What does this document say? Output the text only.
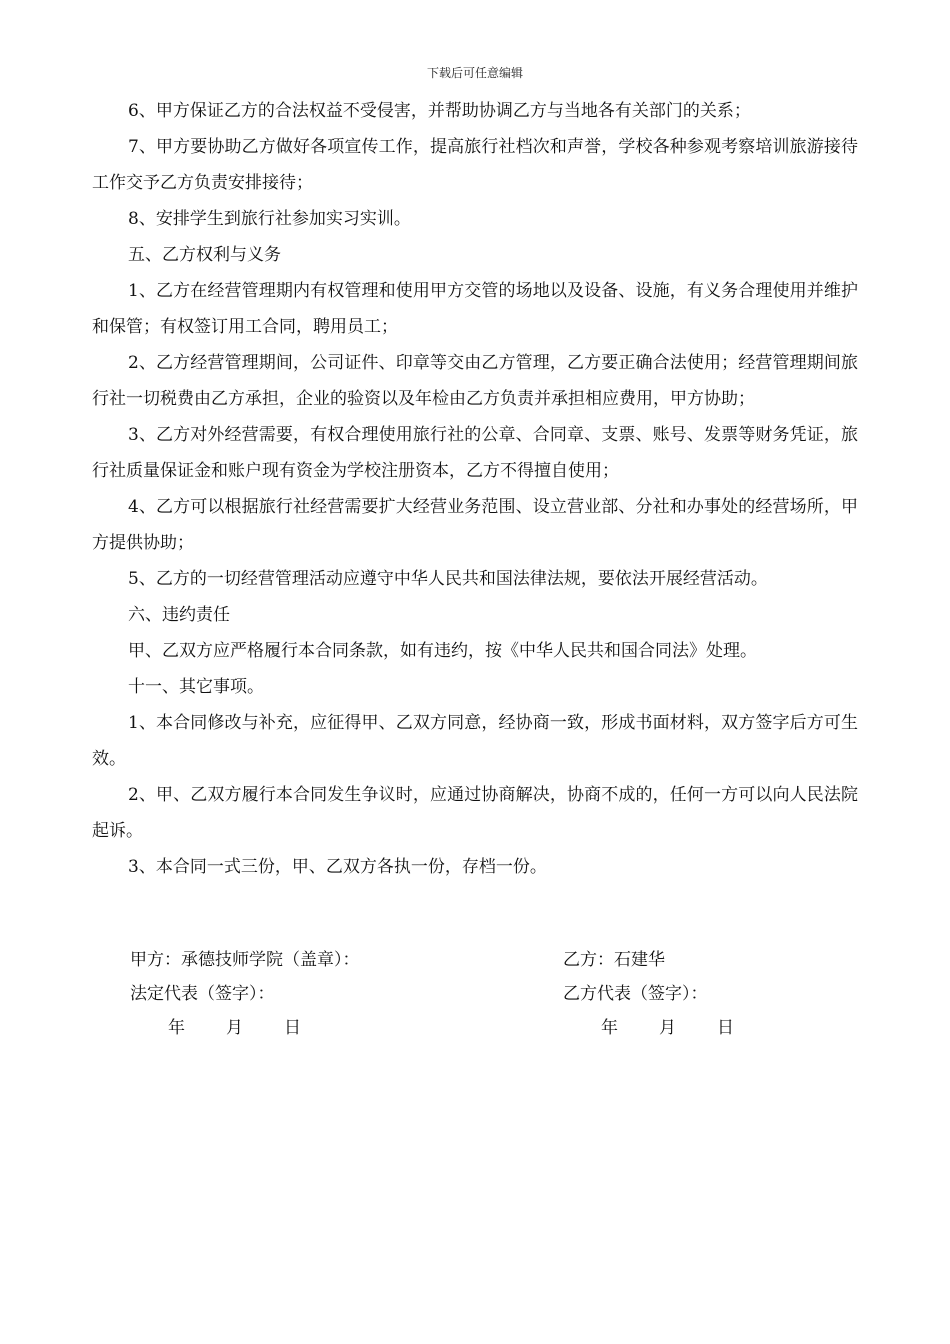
下载后可任意编辑

6、甲方保证乙方的合法权益不受侵害，并帮助协调乙方与当地各有关部门的关系；

7、甲方要协助乙方做好各项宣传工作，提高旅行社档次和声誉，学校各种参观考察培训旅游接待工作交予乙方负责安排接待；

8、安排学生到旅行社参加实习实训。

五、乙方权利与义务

1、乙方在经营管理期内有权管理和使用甲方交管的场地以及设备、设施，有义务合理使用并维护和保管；有权签订用工合同，聘用员工；

2、乙方经营管理期间，公司证件、印章等交由乙方管理，乙方要正确合法使用；经营管理期间旅行社一切税费由乙方承担，企业的验资以及年检由乙方负责并承担相应费用，甲方协助；

3、乙方对外经营需要，有权合理使用旅行社的公章、合同章、支票、账号、发票等财务凭证，旅行社质量保证金和账户现有资金为学校注册资本，乙方不得擅自使用；

4、乙方可以根据旅行社经营需要扩大经营业务范围、设立营业部、分社和办事处的经营场所，甲方提供协助；

5、乙方的一切经营管理活动应遵守中华人民共和国法律法规，要依法开展经营活动。

六、违约责任

甲、乙双方应严格履行本合同条款，如有违约，按《中华人民共和国合同法》处理。

十一、其它事项。

1、本合同修改与补充，应征得甲、乙双方同意，经协商一致，形成书面材料，双方签字后方可生效。

2、甲、乙双方履行本合同发生争议时，应通过协商解决，协商不成的，任何一方可以向人民法院起诉。

3、本合同一式三份，甲、乙双方各执一份，存档一份。

甲方：承德技师学院（盖章）：
法定代表（签字）：
年 月 日
乙方：石建华
乙方代表（签字）：
年 月 日
